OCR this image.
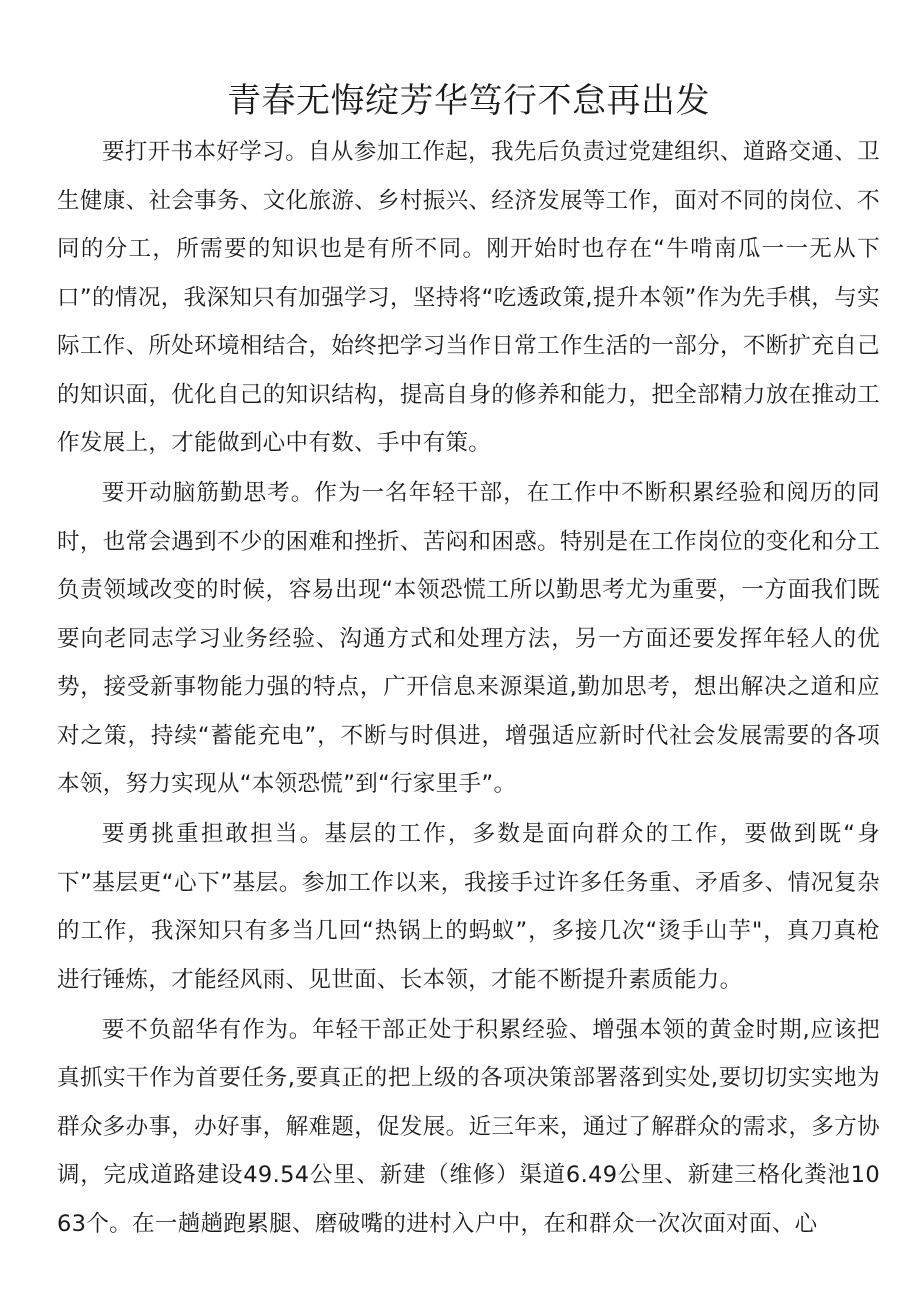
青春无悔绽芳华笃行不怠再出发

要打开书本好学习。自从参加工作起，我先后负责过党建组织、道路交通、卫生健康、社会事务、文化旅游、乡村振兴、经济发展等工作，面对不同的岗位、不同的分工，所需要的知识也是有所不同。刚开始时也存在“牛啃南瓜一一无从下口”的情况，我深知只有加强学习，坚持将“吃透政策,提升本领”作为先手棋，与实际工作、所处环境相结合，始终把学习当作日常工作生活的一部分，不断扩充自己的知识面，优化自己的知识结构，提高自身的修养和能力，把全部精力放在推动工作发展上，才能做到心中有数、手中有策。

要开动脑筋勤思考。作为一名年轻干部，在工作中不断积累经验和阅历的同时，也常会遇到不少的困难和挫折、苦闷和困惑。特别是在工作岗位的变化和分工负责领域改变的时候，容易出现“本领恐慌工所以勤思考尤为重要，一方面我们既要向老同志学习业务经验、沟通方式和处理方法，另一方面还要发挥年轻人的优势，接受新事物能力强的特点，广开信息来源渠道,勤加思考，想出解决之道和应对之策，持续“蓄能充电”，不断与时俱进，增强适应新时代社会发展需要的各项本领，努力实现从“本领恐慌”到“行家里手”。

要勇挑重担敢担当。基层的工作，多数是面向群众的工作，要做到既“身下”基层更“心下”基层。参加工作以来，我接手过许多任务重、矛盾多、情况复杂的工作，我深知只有多当几回“热锅上的蚂蚁”，多接几次“烫手山芋"，真刀真枪进行锤炼，才能经风雨、见世面、长本领，才能不断提升素质能力。

要不负韶华有作为。年轻干部正处于积累经验、增强本领的黄金时期,应该把真抓实干作为首要任务,要真正的把上级的各项决策部署落到实处,要切切实实地为群众多办事，办好事，解难题，促发展。近三年来，通过了解群众的需求，多方协调，完成道路建设49.54公里、新建（维修）渠道6.49公里、新建三格化粪池1063个。在一趟趟跑累腿、磨破嘴的进村入户中，在和群众一次次面对面、心
